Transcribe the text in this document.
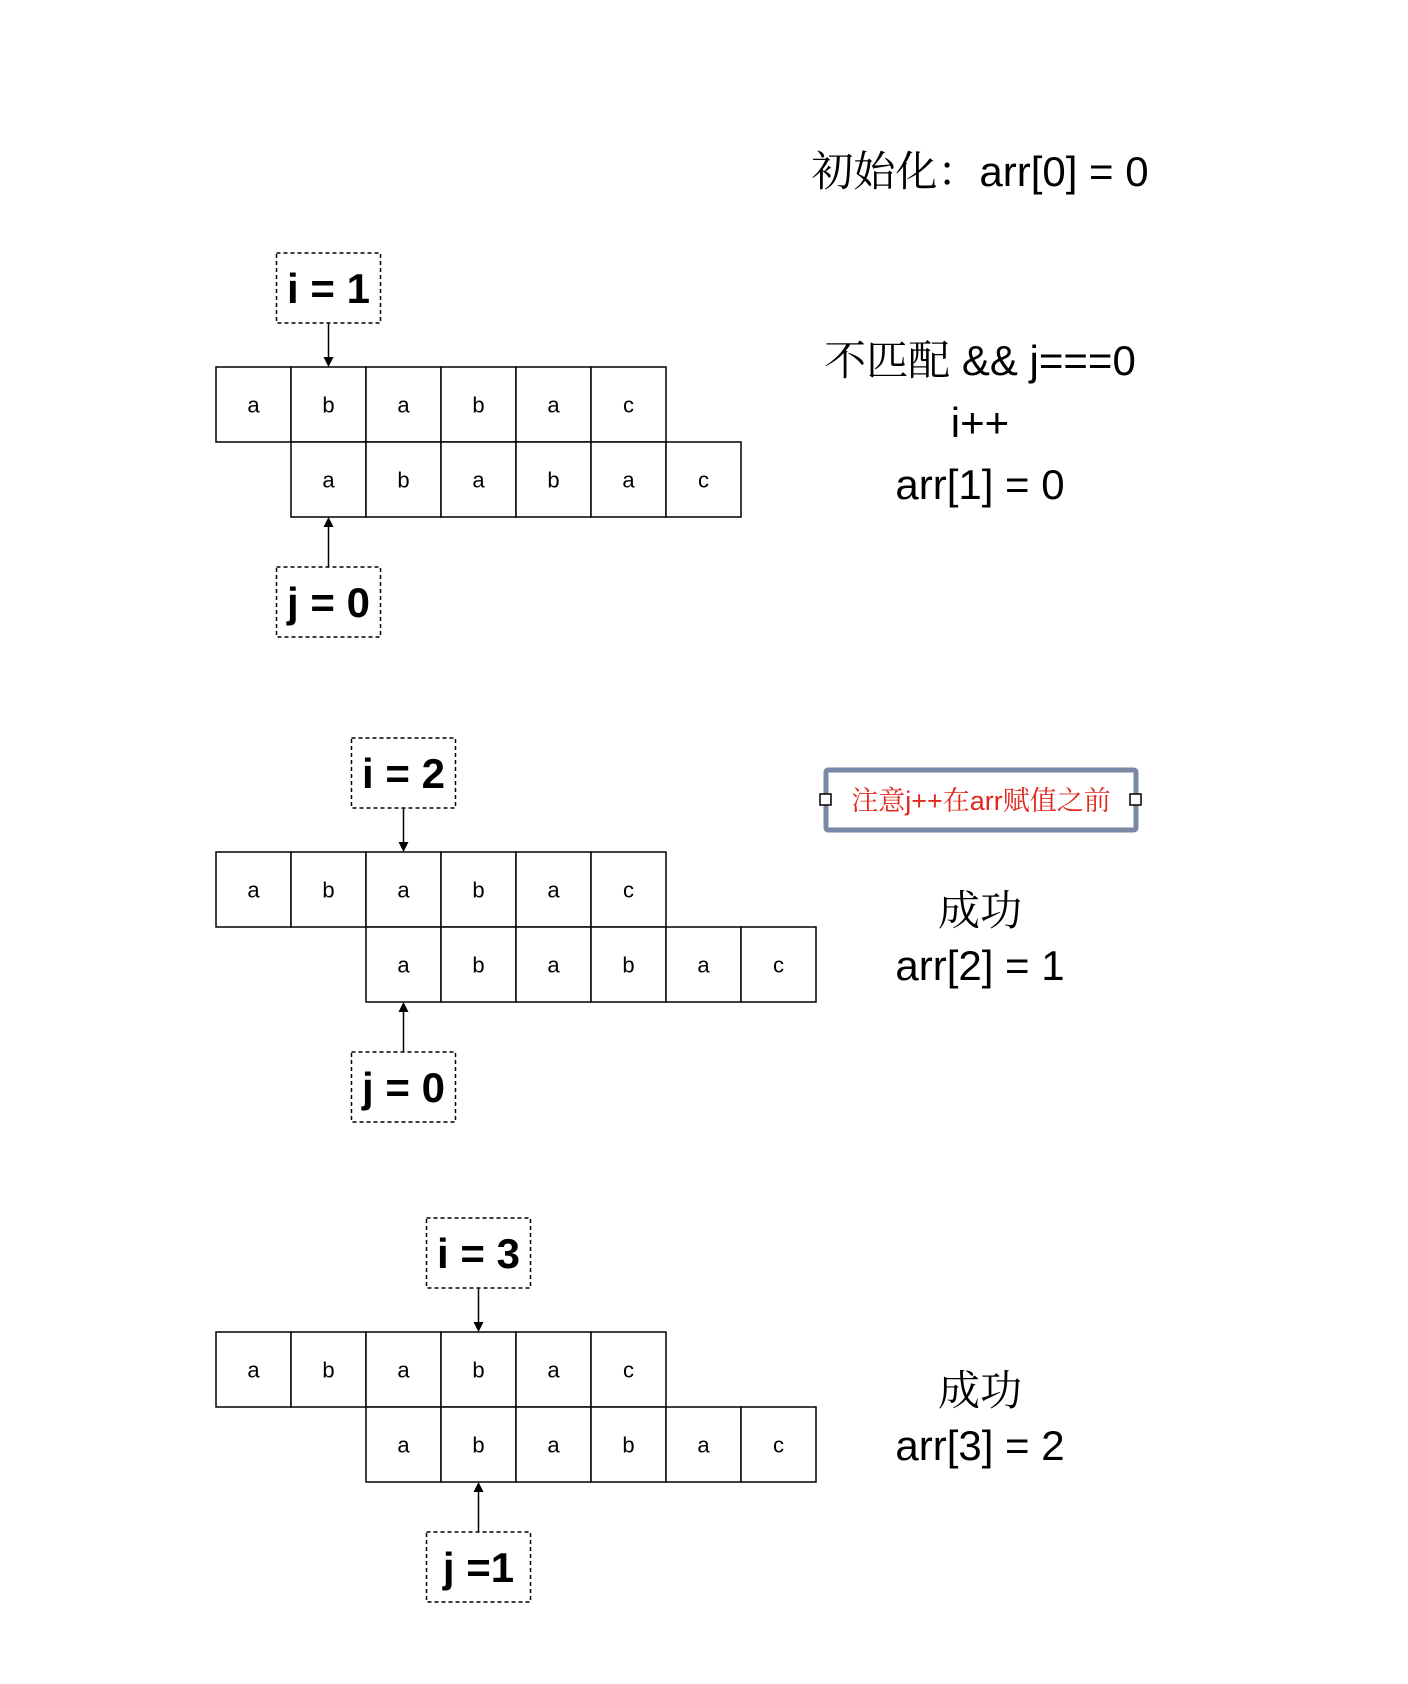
初始化：arr[0] = 0
a	b	a	b	a	c
a	b	a	b	a	c
i = 1
j = 0
不匹配 && j===0
i++
arr[1] = 0
a	b	a	b	a	c
a	b	a	b	a	c
i = 2
j = 0
成功
arr[2] = 1
a	b	a	b	a	c
a	b	a	b	a	c
i = 3
j =1
成功
arr[3] = 2
注意j++在arr赋值之前
